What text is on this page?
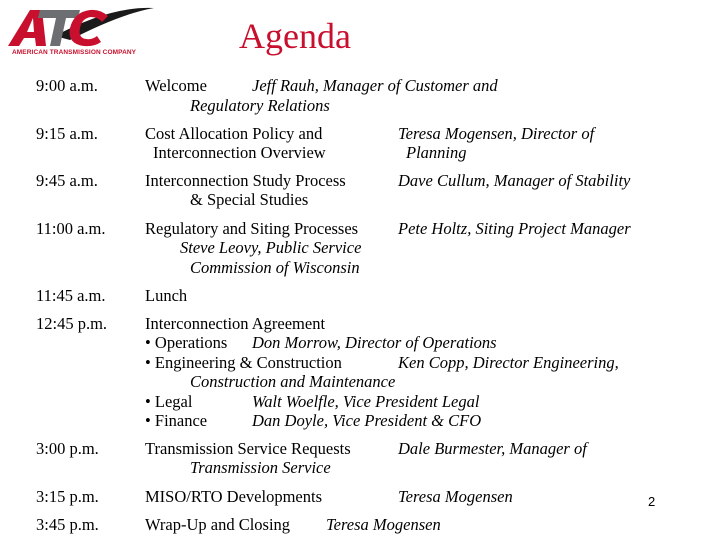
AMERICAN TRANSMISSION COMPANY	Agenda
9:00 a.m.	Welcome	Jeff Rauh, Manager of Customer and
Regulatory Relations
9:15 a.m.	Cost Allocation Policy and
Interconnection Overview
Teresa Mogensen, Director of
Planning
9:45 a.m.	Interconnection Study Process
& Special Studies
Dave Cullum, Manager of Stability
11:00 a.m. Regulatory and Siting Processes Pete Holtz, Siting Project Manager
Steve Leovy, Public Service
Commission of Wisconsin
11:45 a.m. Lunch
12:45 p.m. Interconnection Agreement
• Operations Don Morrow, Director of Operations
• Engineering & Construction	Ken Copp, Director Engineering,
Construction and Maintenance
• Legal	Walt Woelfle, Vice President Legal
• Finance	Dan Doyle, Vice President & CFO
3:00 p.m.	Transmission Service Requests	Dale Burmester, Manager of
Transmission Service
3:15 p.m.	MISO/RTO Developments	Teresa Mogensen
3:45 p.m.	Wrap-Up and Closing Teresa Mogensen
2
